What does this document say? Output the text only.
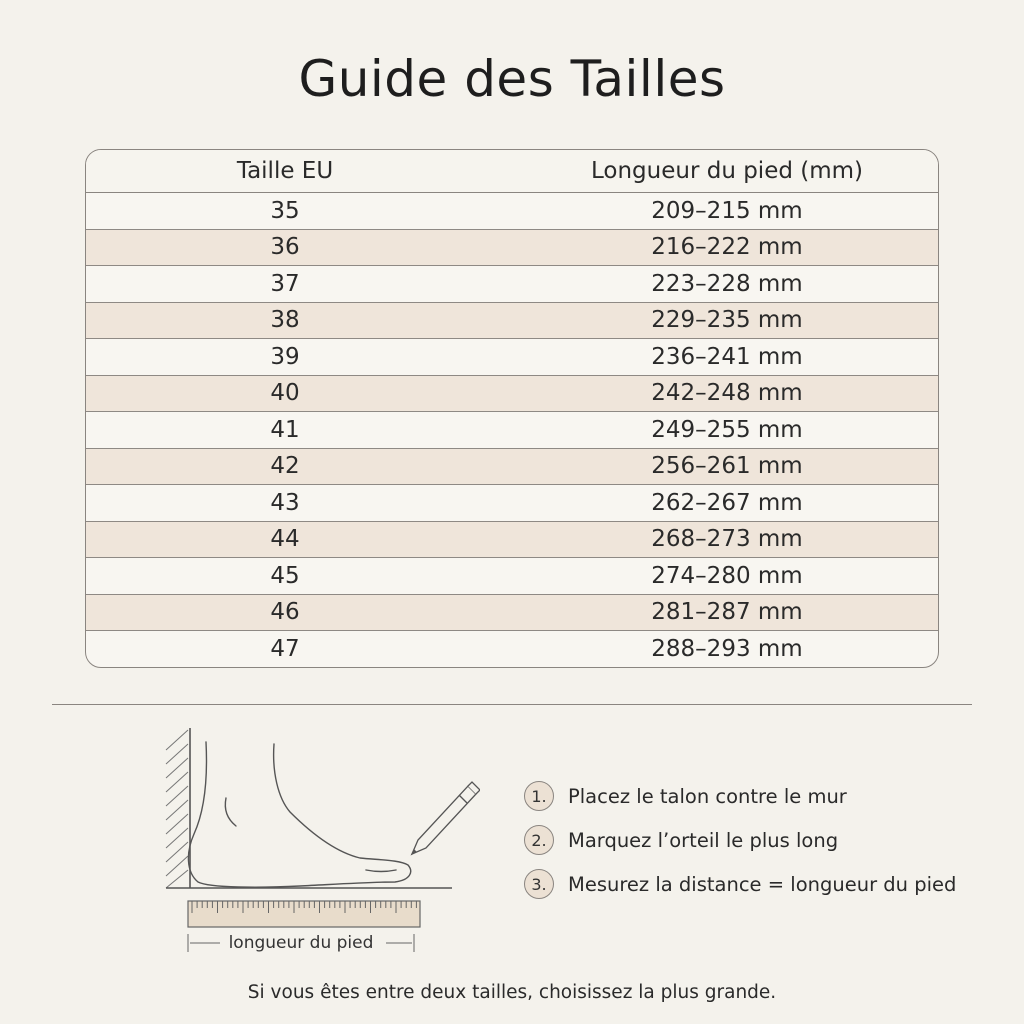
Guide des Tailles
Taille EU	Longueur du pied (mm)
35	209–215 mm
36	216–222 mm
37	223–228 mm
38	229–235 mm
39	236–241 mm
40	242–248 mm
41	249–255 mm
42	256–261 mm
43	262–267 mm
44	268–273 mm
45	274–280 mm
46	281–287 mm
47	288–293 mm
longueur du pied
1.	Placez le talon contre le mur
2.	Marquez l’orteil le plus long
3.	Mesurez la distance = longueur du pied
Si vous êtes entre deux tailles, choisissez la plus grande.
